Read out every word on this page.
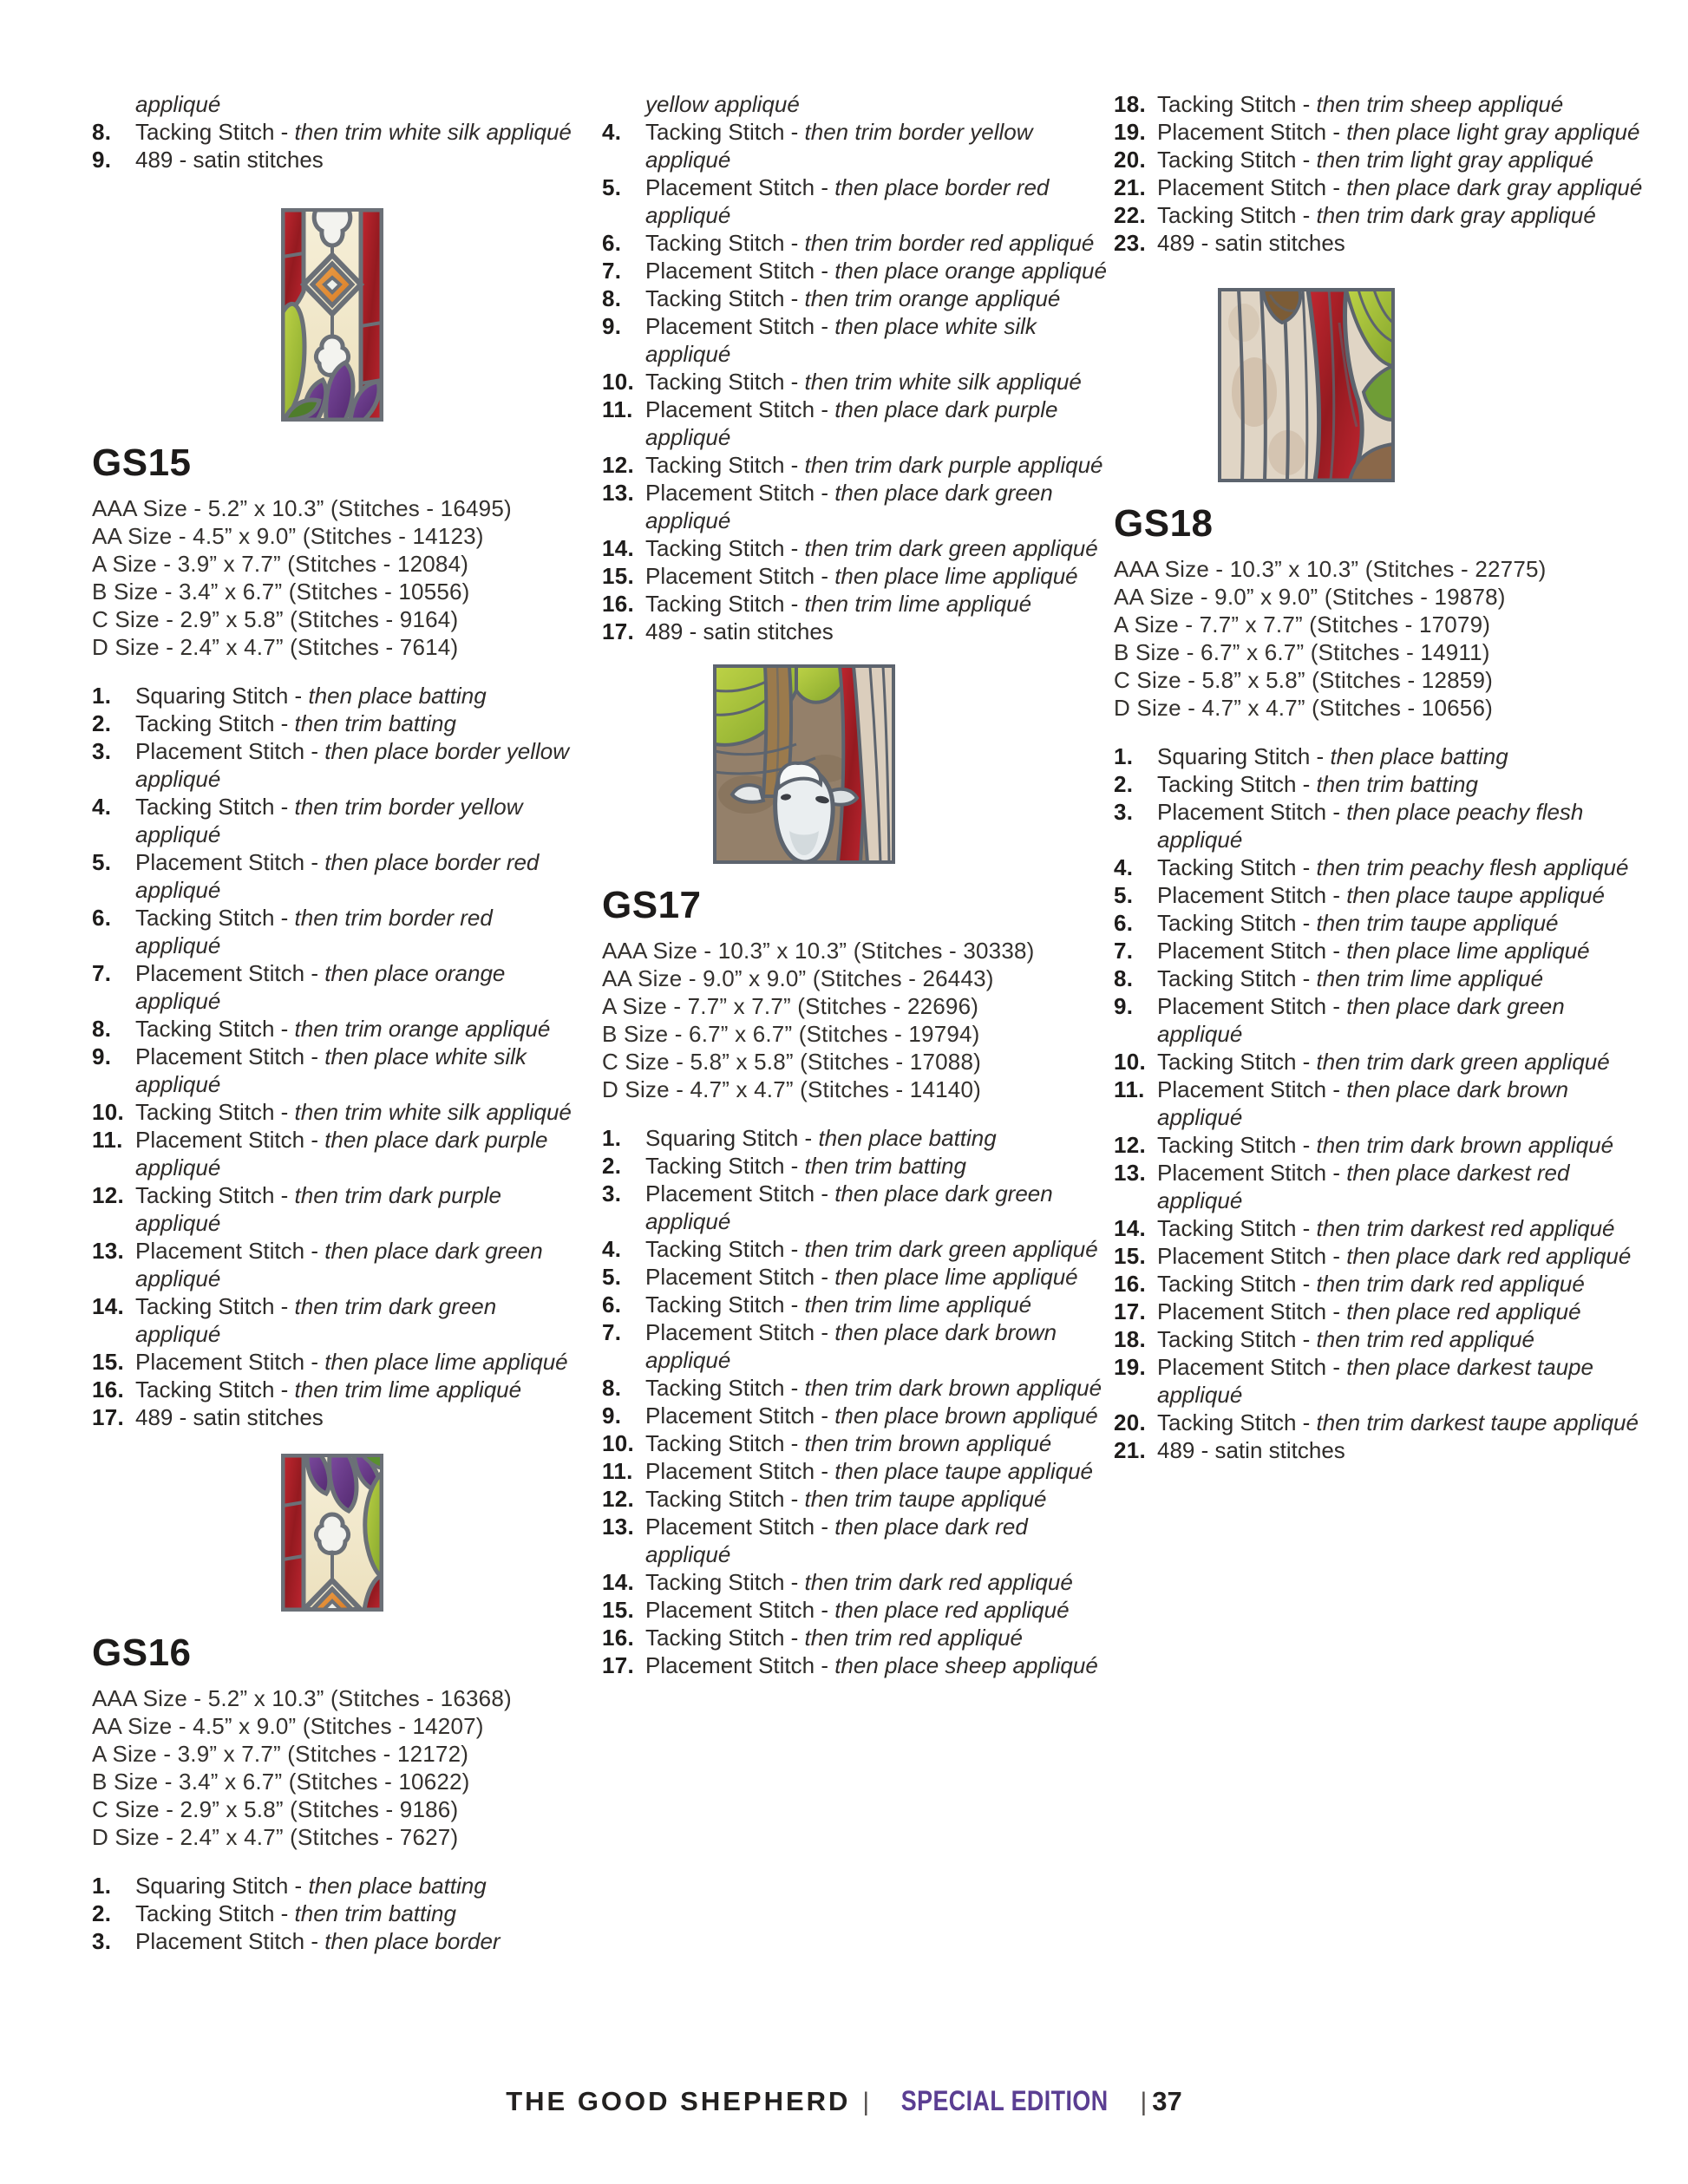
appliqué
8.	Tacking Stitch - then trim white silk appliqué
9.	489 - satin stitches
GS15
AAA Size - 5.2” x 10.3” (Stitches - 16495)
AA Size - 4.5” x 9.0” (Stitches - 14123)
A Size - 3.9” x 7.7” (Stitches - 12084)
B Size - 3.4” x 6.7” (Stitches - 10556)
C Size - 2.9” x 5.8” (Stitches - 9164)
D Size - 2.4” x 4.7” (Stitches - 7614)
1.	Squaring Stitch - then place batting
2.	Tacking Stitch - then trim batting
3.	Placement Stitch - then place border yellow appliqué
4.	Tacking Stitch - then trim border yellow appliqué
5.	Placement Stitch - then place border red appliqué
6.	Tacking Stitch - then trim border red appliqué
7.	Placement Stitch - then place orange appliqué
8.	Tacking Stitch - then trim orange appliqué
9.	Placement Stitch - then place white silk appliqué
10. Tacking Stitch - then trim white silk appliqué
11. Placement Stitch - then place dark purple appliqué
12. Tacking Stitch - then trim dark purple appliqué
13. Placement Stitch - then place dark green appliqué
14. Tacking Stitch - then trim dark green appliqué
15. Placement Stitch - then place lime appliqué
16. Tacking Stitch - then trim lime appliqué
17. 489 - satin stitches
GS16
AAA Size - 5.2” x 10.3” (Stitches - 16368)
AA Size - 4.5” x 9.0” (Stitches - 14207)
A Size - 3.9” x 7.7” (Stitches - 12172)
B Size - 3.4” x 6.7” (Stitches - 10622)
C Size - 2.9” x 5.8” (Stitches - 9186)
D Size - 2.4” x 4.7” (Stitches - 7627)
1.	Squaring Stitch - then place batting
2.	Tacking Stitch - then trim batting
3.	Placement Stitch - then place border
yellow appliqué
4.	Tacking Stitch - then trim border yellow appliqué
5.	Placement Stitch - then place border red appliqué
6.	Tacking Stitch - then trim border red appliqué
7.	Placement Stitch - then place orange appliqué
8.	Tacking Stitch - then trim orange appliqué
9.	Placement Stitch - then place white silk appliqué
10. Tacking Stitch - then trim white silk appliqué
11. Placement Stitch - then place dark purple appliqué
12. Tacking Stitch - then trim dark purple appliqué
13. Placement Stitch - then place dark green appliqué
14. Tacking Stitch - then trim dark green appliqué
15. Placement Stitch - then place lime appliqué
16. Tacking Stitch - then trim lime appliqué
17. 489 - satin stitches
GS17
AAA Size - 10.3” x 10.3” (Stitches - 30338)
AA Size - 9.0” x 9.0” (Stitches - 26443)
A Size - 7.7” x 7.7” (Stitches - 22696)
B Size - 6.7” x 6.7” (Stitches - 19794)
C Size - 5.8” x 5.8” (Stitches - 17088)
D Size - 4.7” x 4.7” (Stitches - 14140)
1.	Squaring Stitch - then place batting
2.	Tacking Stitch - then trim batting
3.	Placement Stitch - then place dark green appliqué
4.	Tacking Stitch - then trim dark green appliqué
5.	Placement Stitch - then place lime appliqué
6.	Tacking Stitch - then trim lime appliqué
7.	Placement Stitch - then place dark brown appliqué
8.	Tacking Stitch - then trim dark brown appliqué
9.	Placement Stitch - then place brown appliqué
10. Tacking Stitch - then trim brown appliqué
11. Placement Stitch - then place taupe appliqué
12. Tacking Stitch - then trim taupe appliqué
13. Placement Stitch - then place dark red appliqué
14. Tacking Stitch - then trim dark red appliqué
15. Placement Stitch - then place red appliqué
16. Tacking Stitch - then trim red appliqué
17. Placement Stitch - then place sheep appliqué
18. Tacking Stitch - then trim sheep appliqué
19. Placement Stitch - then place light gray appliqué
20. Tacking Stitch - then trim light gray appliqué
21. Placement Stitch - then place dark gray appliqué
22. Tacking Stitch - then trim dark gray appliqué
23. 489 - satin stitches
GS18
AAA Size - 10.3” x 10.3” (Stitches - 22775)
AA Size - 9.0” x 9.0” (Stitches - 19878)
A Size - 7.7” x 7.7” (Stitches - 17079)
B Size - 6.7” x 6.7” (Stitches - 14911)
C Size - 5.8” x 5.8” (Stitches - 12859)
D Size - 4.7” x 4.7” (Stitches - 10656)
1.	Squaring Stitch - then place batting
2.	Tacking Stitch - then trim batting
3.	Placement Stitch - then place peachy flesh appliqué
4.	Tacking Stitch - then trim peachy flesh appliqué
5.	Placement Stitch - then place taupe appliqué
6.	Tacking Stitch - then trim taupe appliqué
7.	Placement Stitch - then place lime appliqué
8.	Tacking Stitch - then trim lime appliqué
9.	Placement Stitch - then place dark green appliqué
10. Tacking Stitch - then trim dark green appliqué
11. Placement Stitch - then place dark brown appliqué
12. Tacking Stitch - then trim dark brown appliqué
13. Placement Stitch - then place darkest red appliqué
14. Tacking Stitch - then trim darkest red appliqué
15. Placement Stitch - then place dark red appliqué
16. Tacking Stitch - then trim dark red appliqué
17. Placement Stitch - then place red appliqué
18. Tacking Stitch - then trim red appliqué
19. Placement Stitch - then place darkest taupe appliqué
20. Tacking Stitch - then trim darkest taupe appliqué
21. 489 - satin stitches
THE GOOD SHEPHERD | SPECIAL EDITION | 37
